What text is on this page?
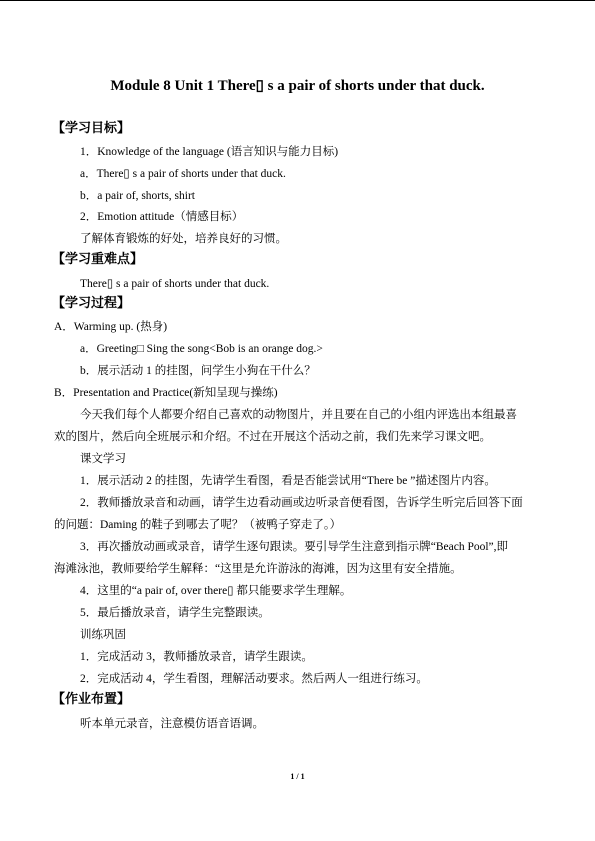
Module 8 Unit 1 There▯ s a pair of shorts under that duck.
【学习目标】
1．Knowledge of the language (语言知识与能力目标)
a．There▯ s a pair of shorts under that duck.
b．a pair of, shorts, shirt
2．Emotion attitude（情感目标）
了解体育锻炼的好处，培养良好的习惯。
【学习重难点】
There▯ s a pair of shorts under that duck.
【学习过程】
A．Warming up. (热身)
a．Greeting□ Sing the song<Bob is an orange dog.>
b．展示活动 1 的挂图，问学生小狗在干什么？
B．Presentation and Practice(新知呈现与操练)
今天我们每个人都要介绍自己喜欢的动物图片，并且要在自己的小组内评选出本组最喜
欢的图片，然后向全班展示和介绍。不过在开展这个活动之前，我们先来学习课文吧。
课文学习
1．展示活动 2 的挂图，先请学生看图，看是否能尝试用“There be ”描述图片内容。
2．教师播放录音和动画，请学生边看动画或边听录音便看图，告诉学生听完后回答下面
的问题：Daming 的鞋子到哪去了呢？（被鸭子穿走了。）
3．再次播放动画或录音，请学生逐句跟读。要引导学生注意到指示牌“Beach Pool”,即
海滩泳池，教师要给学生解释：“这里是允许游泳的海滩，因为这里有安全措施。
4．这里的“a pair of, over there▯ 都只能要求学生理解。
5．最后播放录音，请学生完整跟读。
训练巩固
1．完成活动 3，教师播放录音，请学生跟读。
2．完成活动 4，学生看图，理解活动要求。然后两人一组进行练习。
【作业布置】
听本单元录音，注意模仿语音语调。
1 / 1
